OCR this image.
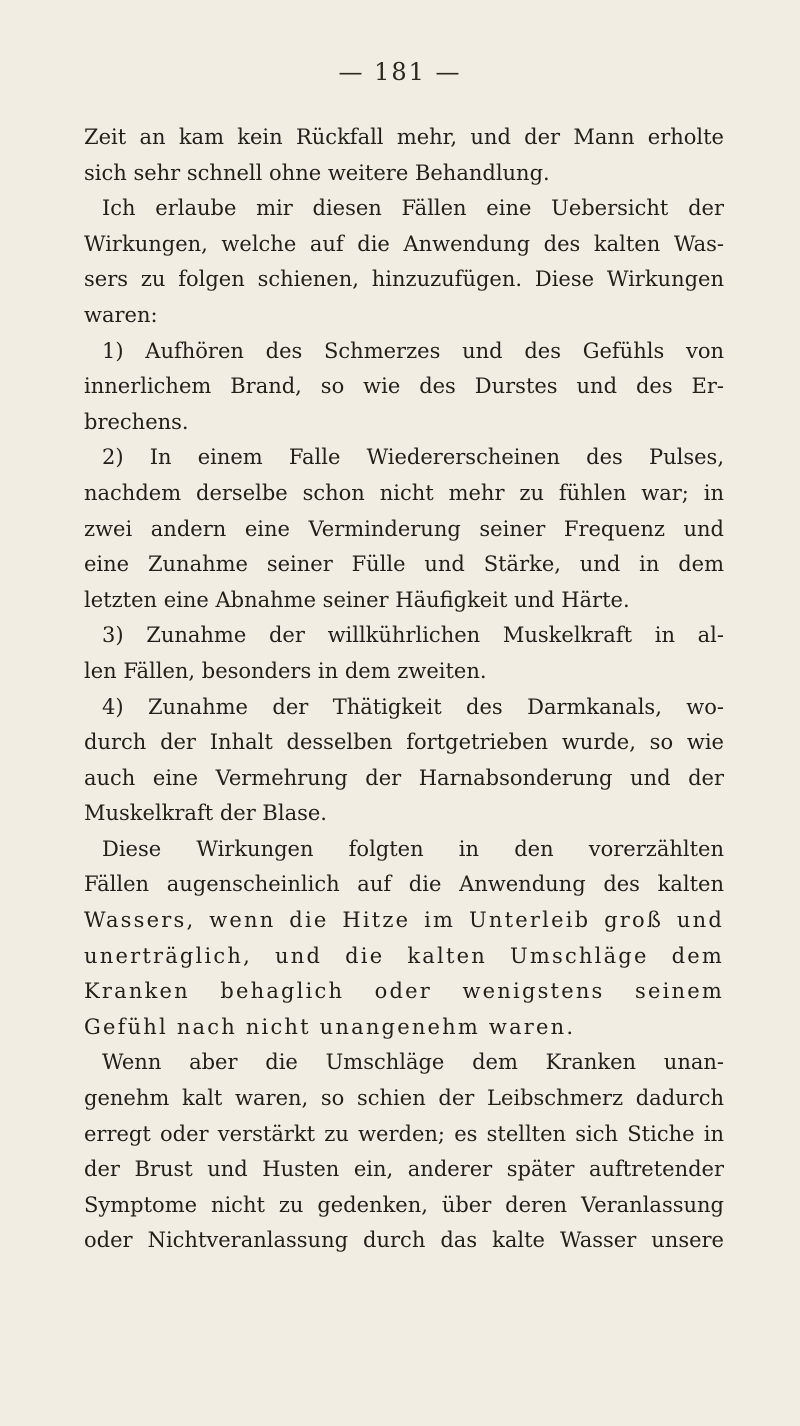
— 181 —
Zeit an kam kein Rückfall mehr, und der Mann erholte
sich sehr schnell ohne weitere Behandlung.
Ich erlaube mir diesen Fällen eine Uebersicht der
Wirkungen, welche auf die Anwendung des kalten Was-
sers zu folgen schienen, hinzuzufügen. Diese Wirkungen
waren:
1) Aufhören des Schmerzes und des Gefühls von
innerlichem Brand, so wie des Durstes und des Er-
brechens.
2) In einem Falle Wiedererscheinen des Pulses,
nachdem derselbe schon nicht mehr zu fühlen war; in
zwei andern eine Verminderung seiner Frequenz und
eine Zunahme seiner Fülle und Stärke, und in dem
letzten eine Abnahme seiner Häufigkeit und Härte.
3) Zunahme der willkührlichen Muskelkraft in al-
len Fällen, besonders in dem zweiten.
4) Zunahme der Thätigkeit des Darmkanals, wo-
durch der Inhalt desselben fortgetrieben wurde, so wie
auch eine Vermehrung der Harnabsonderung und der
Muskelkraft der Blase.
Diese Wirkungen folgten in den vorerzählten
Fällen augenscheinlich auf die Anwendung des kalten
Wassers, wenn die Hitze im Unterleib groß und
unerträglich, und die kalten Umschläge dem
Kranken behaglich oder wenigstens seinem
Gefühl nach nicht unangenehm waren.
Wenn aber die Umschläge dem Kranken unan-
genehm kalt waren, so schien der Leibschmerz dadurch
erregt oder verstärkt zu werden; es stellten sich Stiche in
der Brust und Husten ein, anderer später auftretender
Symptome nicht zu gedenken, über deren Veranlassung
oder Nichtveranlassung durch das kalte Wasser unsere
